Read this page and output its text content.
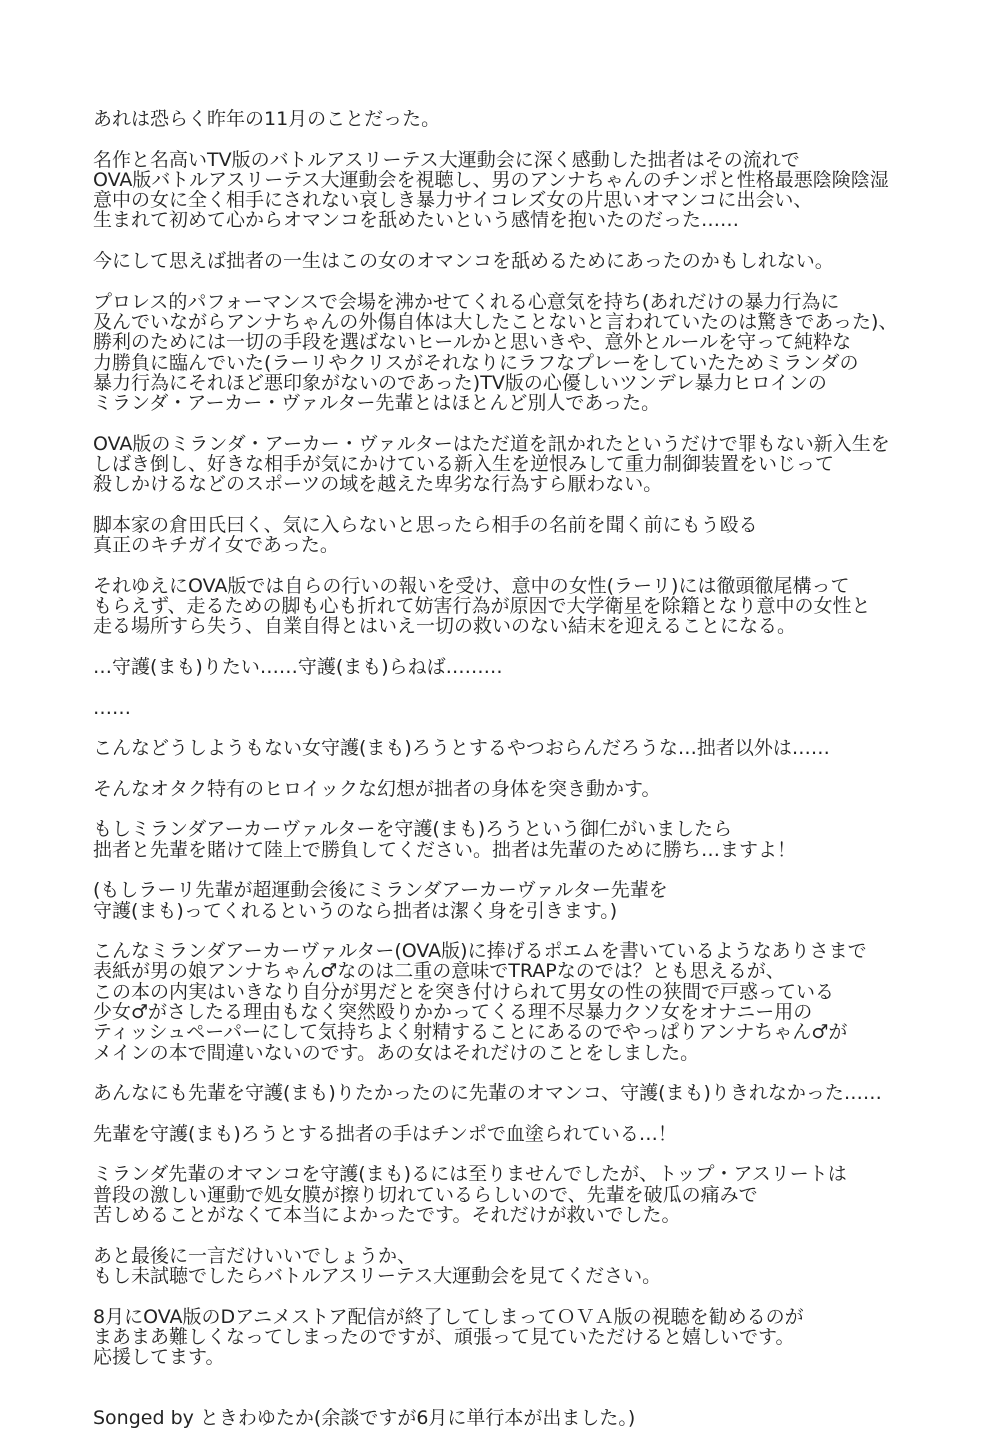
あれは恐らく昨年の11月のことだった。
名作と名高いTV版のバトルアスリーテス大運動会に深く感動した拙者はその流れで
OVA版バトルアスリーテス大運動会を視聴し、男のアンナちゃんのチンポと性格最悪陰険陰湿
意中の女に全く相手にされない哀しき暴力サイコレズ女の片思いオマンコに出会い、
生まれて初めて心からオマンコを舐めたいという感情を抱いたのだった……
今にして思えば拙者の一生はこの女のオマンコを舐めるためにあったのかもしれない。
プロレス的パフォーマンスで会場を沸かせてくれる心意気を持ち(あれだけの暴力行為に
及んでいながらアンナちゃんの外傷自体は大したことないと言われていたのは驚きであった)、
勝利のためには一切の手段を選ばないヒールかと思いきや、意外とルールを守って純粋な
力勝負に臨んでいた(ラーリやクリスがそれなりにラフなプレーをしていたためミランダの
暴力行為にそれほど悪印象がないのであった)TV版の心優しいツンデレ暴力ヒロインの
ミランダ・アーカー・ヴァルター先輩とはほとんど別人であった。
OVA版のミランダ・アーカー・ヴァルターはただ道を訊かれたというだけで罪もない新入生を
しばき倒し、好きな相手が気にかけている新入生を逆恨みして重力制御装置をいじって
殺しかけるなどのスポーツの域を越えた卑劣な行為すら厭わない。
脚本家の倉田氏曰く、気に入らないと思ったら相手の名前を聞く前にもう殴る
真正のキチガイ女であった。
それゆえにOVA版では自らの行いの報いを受け、意中の女性(ラーリ)には徹頭徹尾構って
もらえず、走るための脚も心も折れて妨害行為が原因で大学衛星を除籍となり意中の女性と
走る場所すら失う、自業自得とはいえ一切の救いのない結末を迎えることになる。
…守護(まも)りたい……守護(まも)らねば………
……
こんなどうしようもない女守護(まも)ろうとするやつおらんだろうな…拙者以外は……
そんなオタク特有のヒロイックな幻想が拙者の身体を突き動かす。
もしミランダアーカーヴァルターを守護(まも)ろうという御仁がいましたら
拙者と先輩を賭けて陸上で勝負してください。拙者は先輩のために勝ち…ますよ！
(もしラーリ先輩が超運動会後にミランダアーカーヴァルター先輩を
守護(まも)ってくれるというのなら拙者は潔く身を引きます。)
こんなミランダアーカーヴァルター(OVA版)に捧げるポエムを書いているようなありさまで
表紙が男の娘アンナちゃん♂なのは二重の意味でTRAPなのでは？とも思えるが、
この本の内実はいきなり自分が男だとを突き付けられて男女の性の狭間で戸惑っている
少女♂がさしたる理由もなく突然殴りかかってくる理不尽暴力クソ女をオナニー用の
ティッシュペーパーにして気持ちよく射精することにあるのでやっぱりアンナちゃん♂が
メインの本で間違いないのです。あの女はそれだけのことをしました。
あんなにも先輩を守護(まも)りたかったのに先輩のオマンコ、守護(まも)りきれなかった……
先輩を守護(まも)ろうとする拙者の手はチンポで血塗られている…！
ミランダ先輩のオマンコを守護(まも)るには至りませんでしたが、トップ・アスリートは
普段の激しい運動で処女膜が擦り切れているらしいので、先輩を破瓜の痛みで
苦しめることがなくて本当によかったです。それだけが救いでした。
あと最後に一言だけいいでしょうか、
もし未試聴でしたらバトルアスリーテス大運動会を見てください。
8月にOVA版のDアニメストア配信が終了してしまってＯＶＡ版の視聴を勧めるのが
まあまあ難しくなってしまったのですが、頑張って見ていただけると嬉しいです。
応援してます。
Songed by ときわゆたか(余談ですが6月に単行本が出ました。)
